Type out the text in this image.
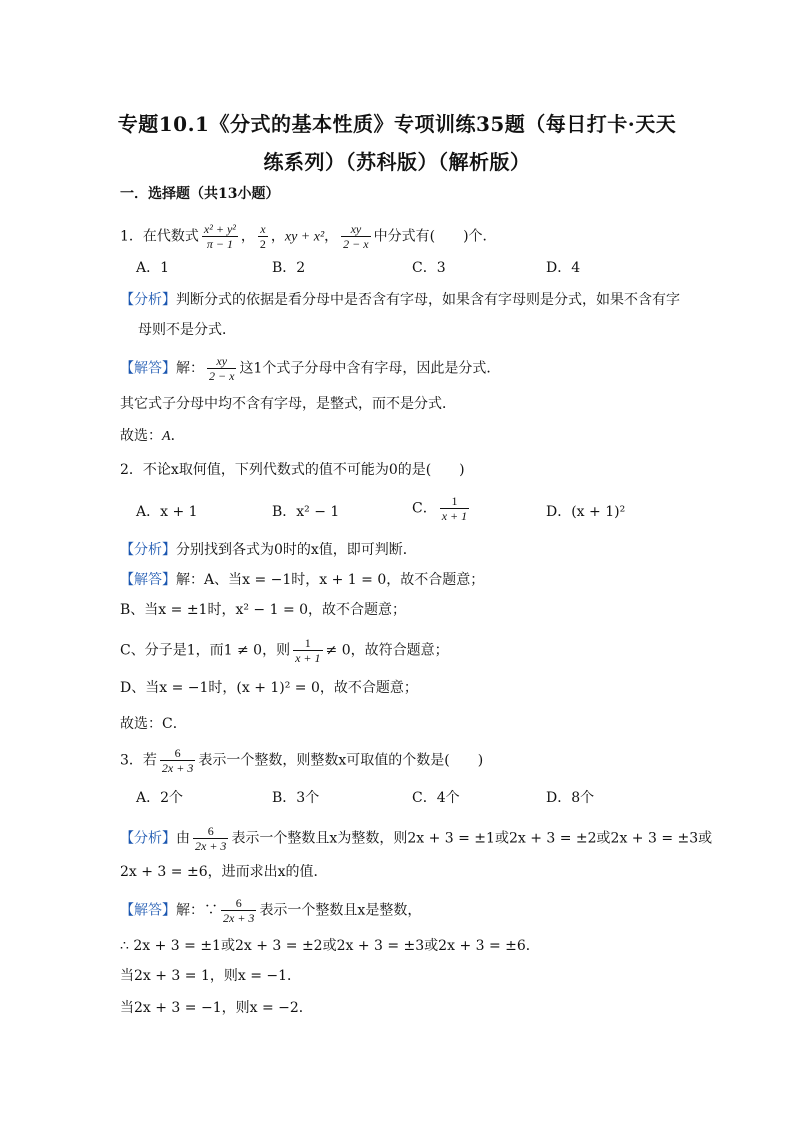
专题10.1《分式的基本性质》专项训练35题（每日打卡·天天
练系列）（苏科版）（解析版）
一．选择题（共13小题）
1．在代数式 $\frac{\text{x² + y²}}{\pi - 1}$ ， $\frac{x}{2}$ ，xy + x²， $\frac{xy}{2 - x}$ 中分式有(　　)个．
A．1	B．2	C．3	D．4
【分析】判断分式的依据是看分母中是否含有字母，如果含有字母则是分式，如果不含有字
母则不是分式．
【解答】解： $\frac{xy}{2 - x}$ 这1个式子分母中含有字母，因此是分式．
其它式子分母中均不含有字母，是整式，而不是分式．
故选：A．
2．不论x取何值，下列代数式的值不可能为0的是(　　)
A．x + 1	B．x² − 1	C． $\frac{1}{x + 1}$	D．(x + 1)²
【分析】分别找到各式为0时的x值，即可判断．
【解答】解：A、当x = −1时，x + 1 = 0，故不合题意；
B、当x = ±1时，x² − 1 = 0，故不合题意；
C、分子是1，而1 ≠ 0，则 $\frac{1}{x + 1} \ne 0$，故符合题意；
D、当x = −1时，(x + 1)² = 0，故不合题意；
故选：C．
3．若 $\frac{6}{2x + 3}$ 表示一个整数，则整数x可取值的个数是(　　)
A．2个	B．3个	C．4个	D．8个
【分析】由 $\frac{6}{2x + 3}$ 表示一个整数且x为整数，则2x + 3 = ±1或2x + 3 = ±2或2x + 3 = ±3或
2x + 3 = ±6，进而求出x的值．
【解答】解：∵ $\frac{6}{2x + 3}$ 表示一个整数且x是整数，
∴ 2x + 3 = ±1或2x + 3 = ±2或2x + 3 = ±3或2x + 3 = ±6．
当2x + 3 = 1，则x = −1．
当2x + 3 = −1，则x = −2．
